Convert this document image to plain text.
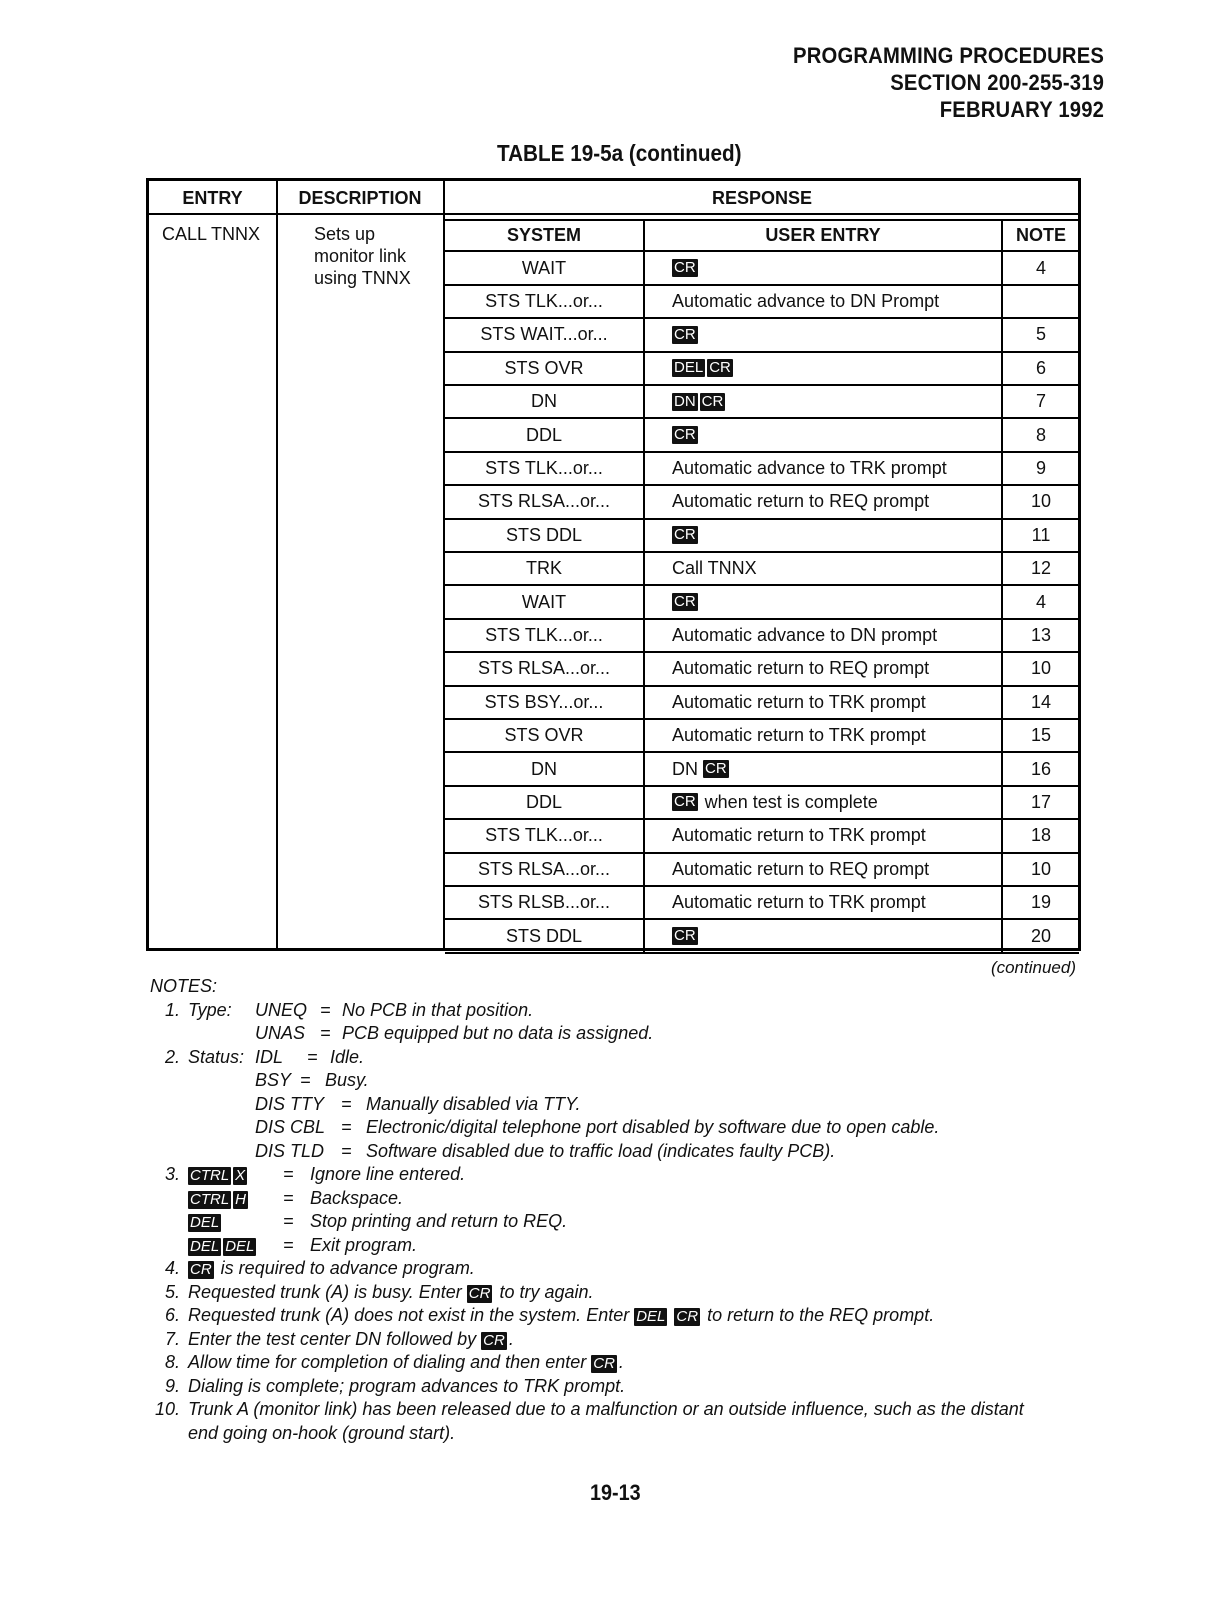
PROGRAMMING PROCEDURES
SECTION 200-255-319
FEBRUARY 1992
TABLE 19-5a (continued)
ENTRY	DESCRIPTION	RESPONSE
CALL TNNX	Sets up
monitor link
using TNNX
SYSTEM	USER ENTRY	NOTE
WAIT	CR	4
STS TLK...or...	Automatic advance to DN Prompt
STS WAIT...or...	CR	5
STS OVR	DEL CR	6
DN	DN CR	7
DDL	CR	8
STS TLK...or...	Automatic advance to TRK prompt	9
STS RLSA...or...	Automatic return to REQ prompt	10
STS DDL	CR	11
TRK	Call TNNX	12
WAIT	CR	4
STS TLK...or...	Automatic advance to DN prompt	13
STS RLSA...or...	Automatic return to REQ prompt	10
STS BSY...or...	Automatic return to TRK prompt	14
STS OVR	Automatic return to TRK prompt	15
DN	DN CR	16
DDL	CR when test is complete	17
STS TLK...or...	Automatic return to TRK prompt	18
STS RLSA...or...	Automatic return to REQ prompt	10
STS RLSB...or...	Automatic return to TRK prompt	19
STS DDL	CR	20
(continued)
NOTES:
1. Type: UNEQ = No PCB in that position.
UNAS = PCB equipped but no data is assigned.
2. Status: IDL = Idle.
BSY = Busy.
DIS TTY = Manually disabled via TTY.
DIS CBL = Electronic/digital telephone port disabled by software due to open cable.
DIS TLD = Software disabled due to traffic load (indicates faulty PCB).
3. CTRL X = Ignore line entered.
CTRL H = Backspace.
DEL	= Stop printing and return to REQ.
DEL DEL = Exit program.
4. CR is required to advance program.
5. Requested trunk (A) is busy. Enter CR to try again.
6. Requested trunk (A) does not exist in the system. Enter DEL CR to return to the REQ prompt.
7. Enter the test center DN followed by CR .
8. Allow time for completion of dialing and then enter CR .
9. Dialing is complete; program advances to TRK prompt.
10. Trunk A (monitor link) has been released due to a malfunction or an outside influence, such as the distant
end going on-hook (ground start).
19-13
